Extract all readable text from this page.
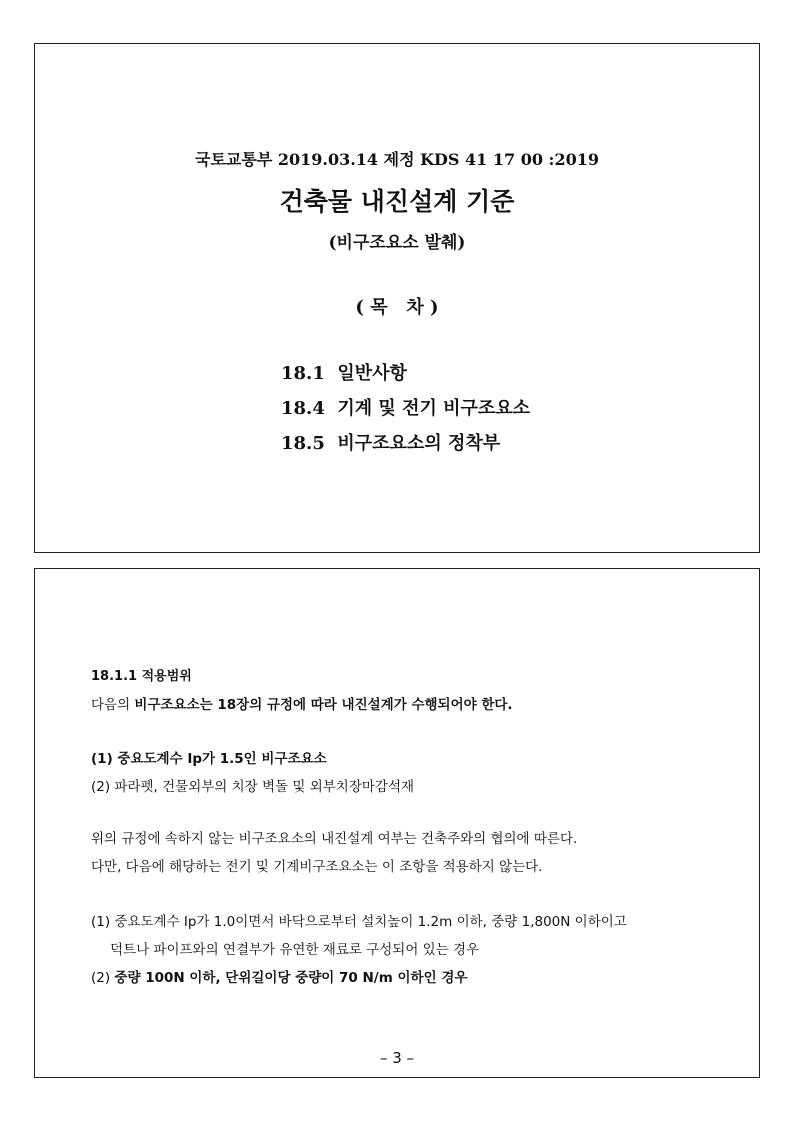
국토교통부 2019.03.14 제정 KDS 41 17 00 :2019
건축물 내진설계 기준
(비구조요소 발췌)
( 목   차 )
18.1 일반사항
18.4 기계 및 전기 비구조요소
18.5 비구조요소의 정착부
18.1.1 적용범위
다음의 비구조요소는 18장의 규정에 따라 내진설계가 수행되어야 한다.
(1) 중요도계수 Ip가 1.5인 비구조요소
(2) 파라펫, 건물외부의 치장 벽돌 및 외부치장마감석재
위의 규정에 속하지 않는 비구조요소의 내진설계 여부는 건축주와의 협의에 따른다.
다만, 다음에 해당하는 전기 및 기계비구조요소는 이 조항을 적용하지 않는다.
(1) 중요도계수 Ip가 1.0이면서 바닥으로부터 설치높이 1.2m 이하, 중량 1,800N 이하이고
덕트나 파이프와의 연결부가 유연한 재료로 구성되어 있는 경우
(2) 중량 100N 이하, 단위길이당 중량이 70 N/m 이하인 경우
– 3 –
